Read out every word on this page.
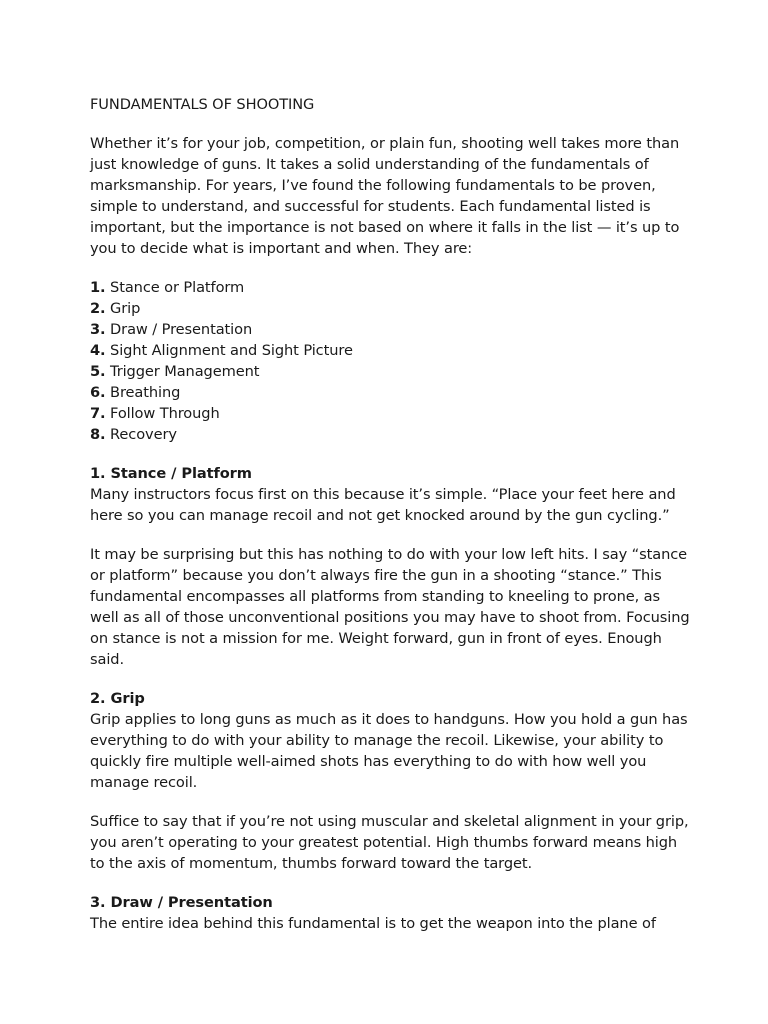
FUNDAMENTALS OF SHOOTING

Whether it’s for your job, competition, or plain fun, shooting well takes more than just knowledge of guns. It takes a solid understanding of the fundamentals of marksmanship. For years, I’ve found the following fundamentals to be proven, simple to understand, and successful for students. Each fundamental listed is important, but the importance is not based on where it falls in the list — it’s up to you to decide what is important and when. They are:

1. Stance or Platform
2. Grip
3. Draw / Presentation
4. Sight Alignment and Sight Picture
5. Trigger Management
6. Breathing
7. Follow Through
8. Recovery
1. Stance / Platform

Many instructors focus first on this because it’s simple. “Place your feet here and here so you can manage recoil and not get knocked around by the gun cycling.”

It may be surprising but this has nothing to do with your low left hits. I say “stance or platform” because you don’t always fire the gun in a shooting “stance.” This fundamental encompasses all platforms from standing to kneeling to prone, as well as all of those unconventional positions you may have to shoot from. Focusing on stance is not a mission for me. Weight forward, gun in front of eyes. Enough said.

2. Grip

Grip applies to long guns as much as it does to handguns. How you hold a gun has everything to do with your ability to manage the recoil. Likewise, your ability to quickly fire multiple well-aimed shots has everything to do with how well you manage recoil.

Suffice to say that if you’re not using muscular and skeletal alignment in your grip, you aren’t operating to your greatest potential. High thumbs forward means high to the axis of momentum, thumbs forward toward the target.

3. Draw / Presentation

The entire idea behind this fundamental is to get the weapon into the plane of
